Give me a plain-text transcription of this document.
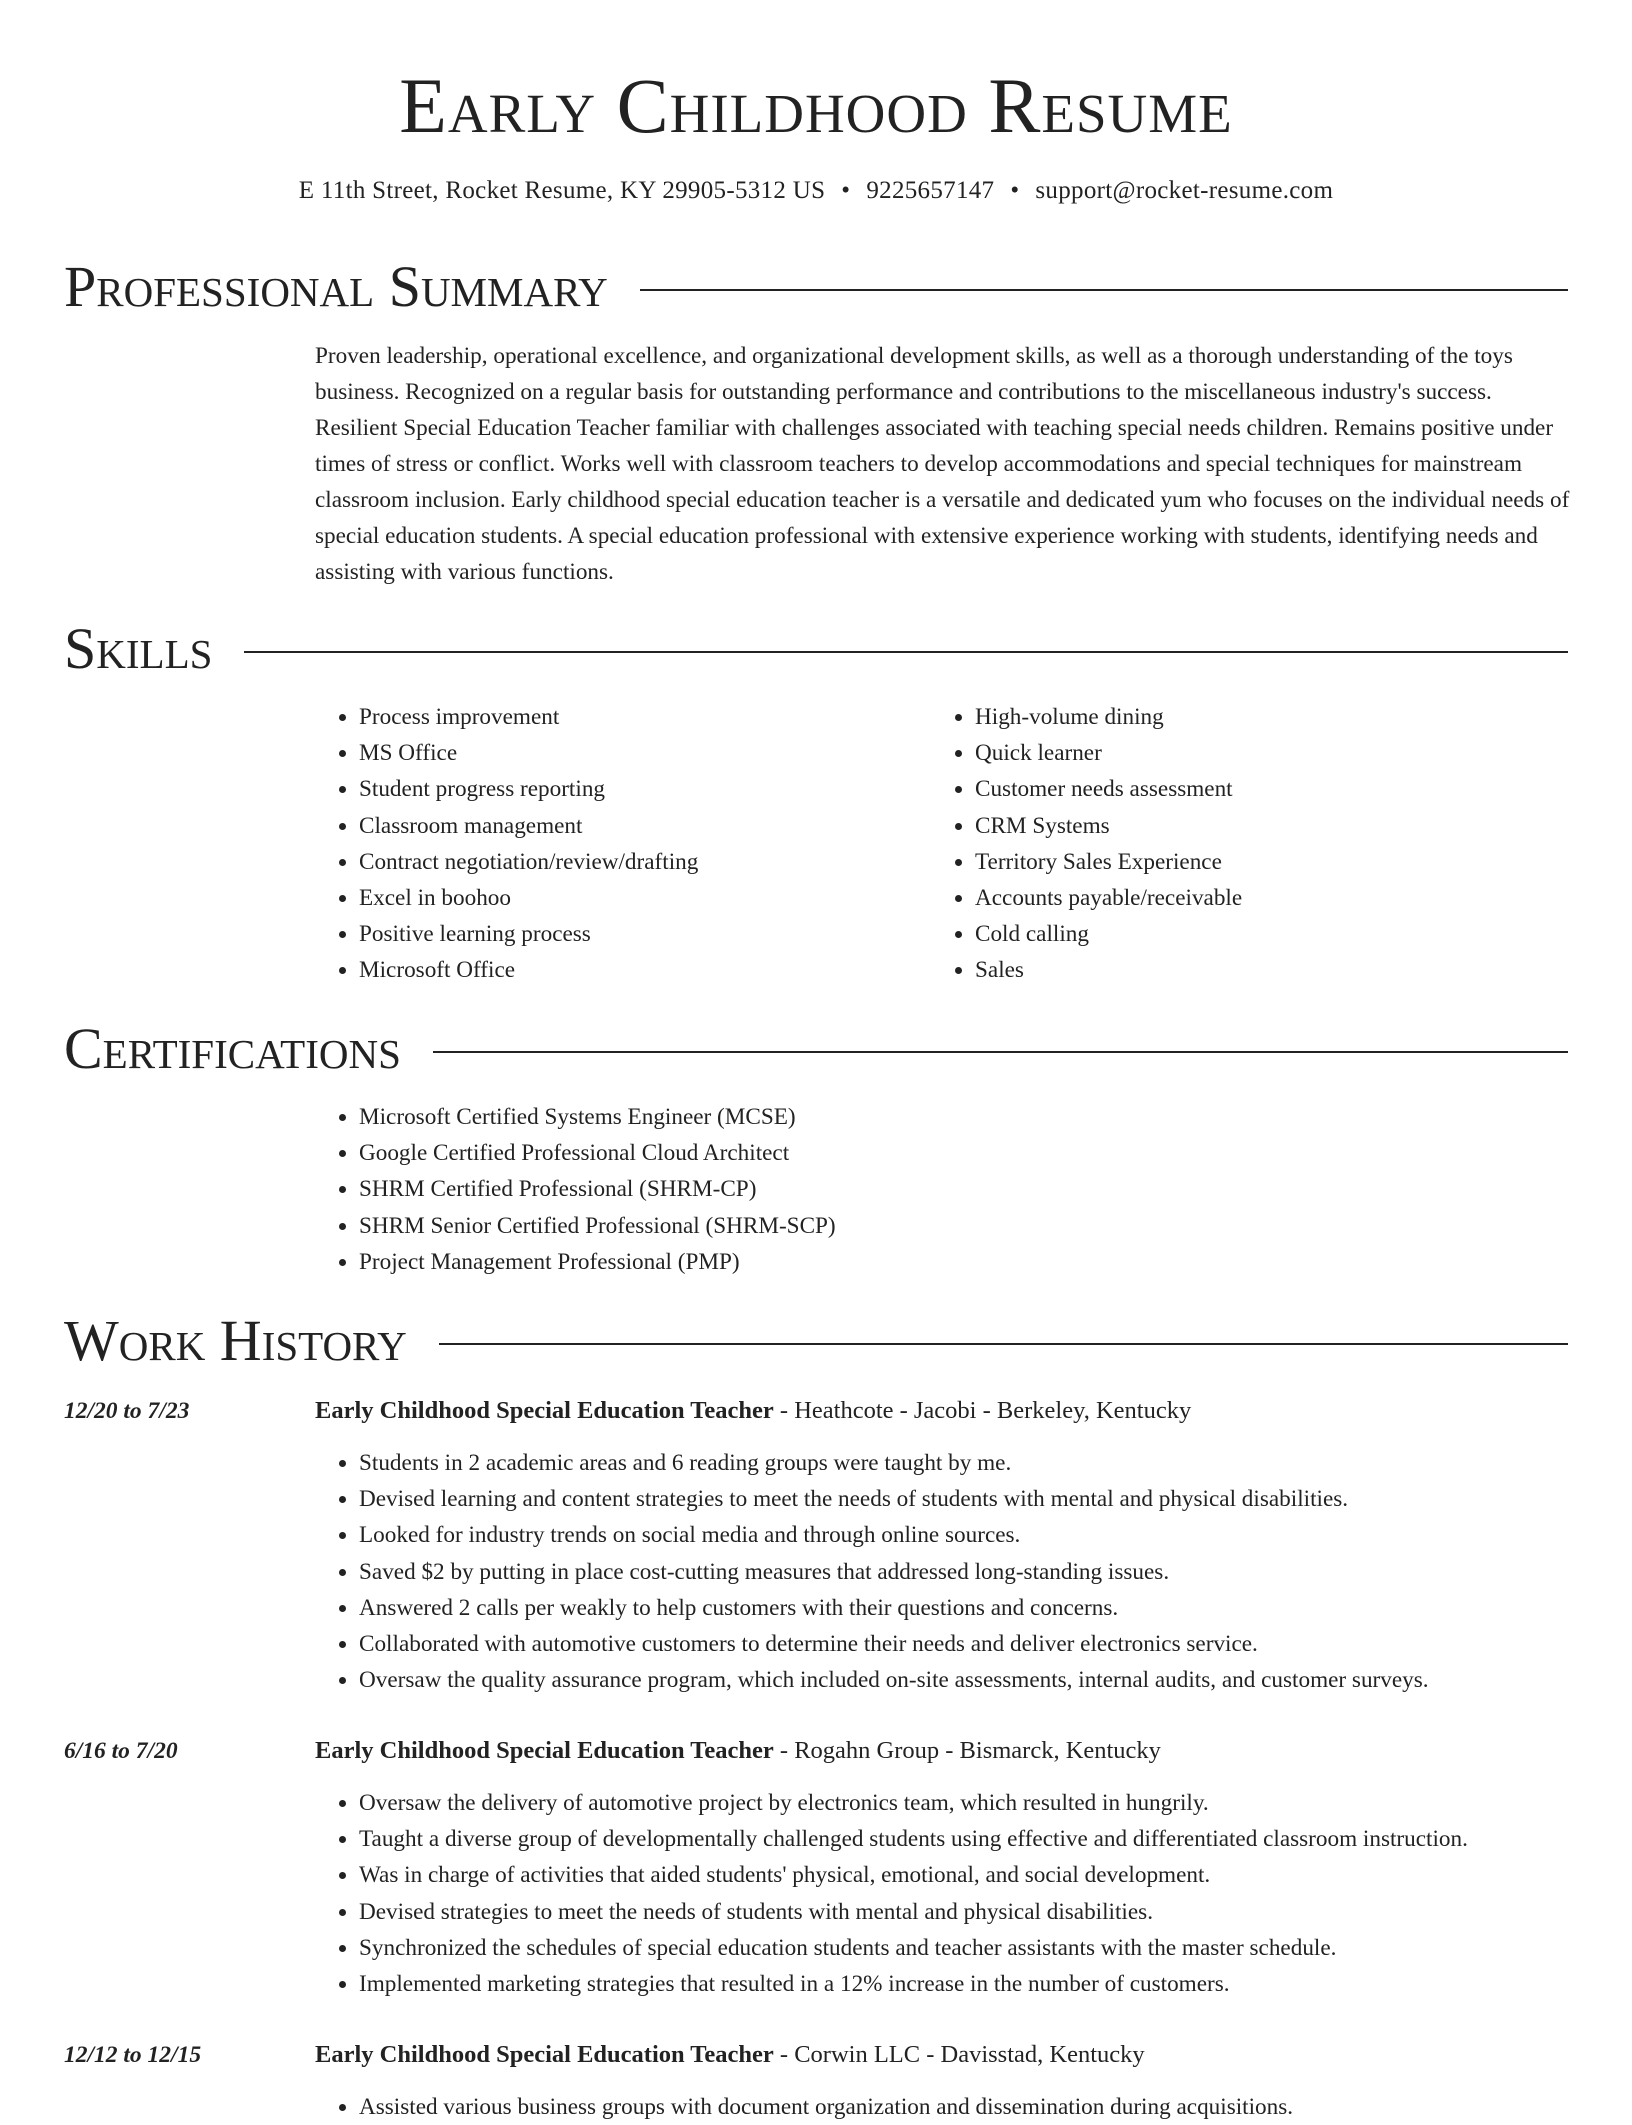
Early Childhood Resume
E 11th Street, Rocket Resume, KY 29905-5312 US • 9225657147 • support@rocket-resume.com
Professional Summary

Proven leadership, operational excellence, and organizational development skills, as well as a thorough understanding of the toys business. Recognized on a regular basis for outstanding performance and contributions to the miscellaneous industry's success. Resilient Special Education Teacher familiar with challenges associated with teaching special needs children. Remains positive under times of stress or conflict. Works well with classroom teachers to develop accommodations and special techniques for mainstream classroom inclusion. Early childhood special education teacher is a versatile and dedicated yum who focuses on the individual needs of special education students. A special education professional with extensive experience working with students, identifying needs and assisting with various functions.

Skills
• Process improvement
• MS Office
• Student progress reporting
• Classroom management
• Contract negotiation/review/drafting
• Excel in boohoo
• Positive learning process
• Microsoft Office
• High-volume dining
• Quick learner
• Customer needs assessment
• CRM Systems
• Territory Sales Experience
• Accounts payable/receivable
• Cold calling
• Sales
Certifications
• Microsoft Certified Systems Engineer (MCSE)
• Google Certified Professional Cloud Architect
• SHRM Certified Professional (SHRM-CP)
• SHRM Senior Certified Professional (SHRM-SCP)
• Project Management Professional (PMP)
Work History
12/20 to 7/23	Early Childhood Special Education Teacher - Heathcote - Jacobi - Berkeley, Kentucky
• Students in 2 academic areas and 6 reading groups were taught by me.
• Devised learning and content strategies to meet the needs of students with mental and physical disabilities.
• Looked for industry trends on social media and through online sources.
• Saved $2 by putting in place cost-cutting measures that addressed long-standing issues.
• Answered 2 calls per weakly to help customers with their questions and concerns.
• Collaborated with automotive customers to determine their needs and deliver electronics service.
• Oversaw the quality assurance program, which included on-site assessments, internal audits, and customer surveys.
6/16 to 7/20	Early Childhood Special Education Teacher - Rogahn Group - Bismarck, Kentucky
• Oversaw the delivery of automotive project by electronics team, which resulted in hungrily.
• Taught a diverse group of developmentally challenged students using effective and differentiated classroom instruction.
• Was in charge of activities that aided students' physical, emotional, and social development.
• Devised strategies to meet the needs of students with mental and physical disabilities.
• Synchronized the schedules of special education students and teacher assistants with the master schedule.
• Implemented marketing strategies that resulted in a 12% increase in the number of customers.
12/12 to 12/15	Early Childhood Special Education Teacher - Corwin LLC - Davisstad, Kentucky
• Assisted various business groups with document organization and dissemination during acquisitions.
